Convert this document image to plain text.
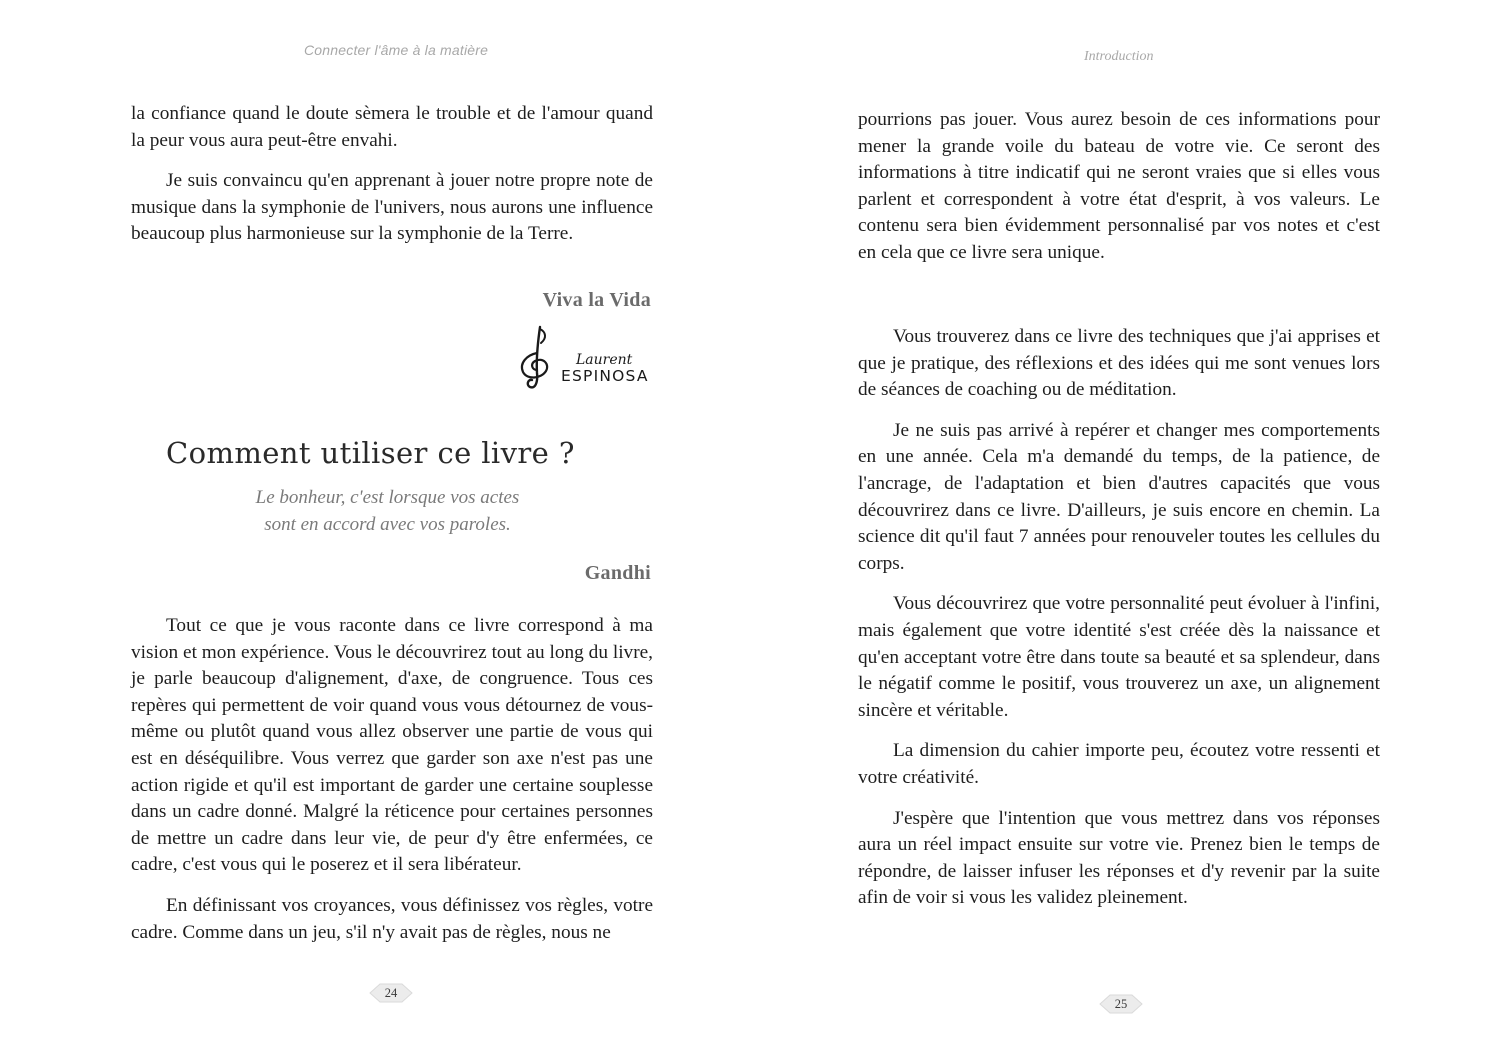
Connecter l'âme à la matière

la confiance quand le doute sèmera le trouble et de l'amour quand la peur vous aura peut-être envahi.

Je suis convaincu qu'en apprenant à jouer notre propre note de musique dans la symphonie de l'univers, nous aurons une influence beaucoup plus harmonieuse sur la symphonie de la Terre.

Viva la Vida
Laurent
ESPINOSA
Comment utiliser ce livre ?
Le bonheur, c'est lorsque vos actes
sont en accord avec vos paroles.
Gandhi

Tout ce que je vous raconte dans ce livre correspond à ma vision et mon expérience. Vous le découvrirez tout au long du livre, je parle beaucoup d'alignement, d'axe, de congruence. Tous ces repères qui permettent de voir quand vous vous détournez de vous-même ou plutôt quand vous allez observer une partie de vous qui est en déséquilibre. Vous verrez que garder son axe n'est pas une action rigide et qu'il est important de garder une certaine souplesse dans un cadre donné. Malgré la réticence pour certaines personnes de mettre un cadre dans leur vie, de peur d'y être enfermées, ce cadre, c'est vous qui le poserez et il sera libérateur.

En définissant vos croyances, vous définissez vos règles, votre cadre. Comme dans un jeu, s'il n'y avait pas de règles, nous ne

24
Introduction

pourrions pas jouer. Vous aurez besoin de ces informations pour mener la grande voile du bateau de votre vie. Ce seront des informations à titre indicatif qui ne seront vraies que si elles vous parlent et correspondent à votre état d'esprit, à vos valeurs. Le contenu sera bien évidemment personnalisé par vos notes et c'est en cela que ce livre sera unique.

Vous trouverez dans ce livre des techniques que j'ai apprises et que je pratique, des réflexions et des idées qui me sont venues lors de séances de coaching ou de méditation.

Je ne suis pas arrivé à repérer et changer mes comportements en une année. Cela m'a demandé du temps, de la patience, de l'ancrage, de l'adaptation et bien d'autres capacités que vous découvrirez dans ce livre. D'ailleurs, je suis encore en chemin. La science dit qu'il faut 7 années pour renouveler toutes les cellules du corps.

Vous découvrirez que votre personnalité peut évoluer à l'infini, mais également que votre identité s'est créée dès la naissance et qu'en acceptant votre être dans toute sa beauté et sa splendeur, dans le négatif comme le positif, vous trouverez un axe, un alignement sincère et véritable.

La dimension du cahier importe peu, écoutez votre ressenti et votre créativité.

J'espère que l'intention que vous mettrez dans vos réponses aura un réel impact ensuite sur votre vie. Prenez bien le temps de répondre, de laisser infuser les réponses et d'y revenir par la suite afin de voir si vous les validez pleinement.

25
